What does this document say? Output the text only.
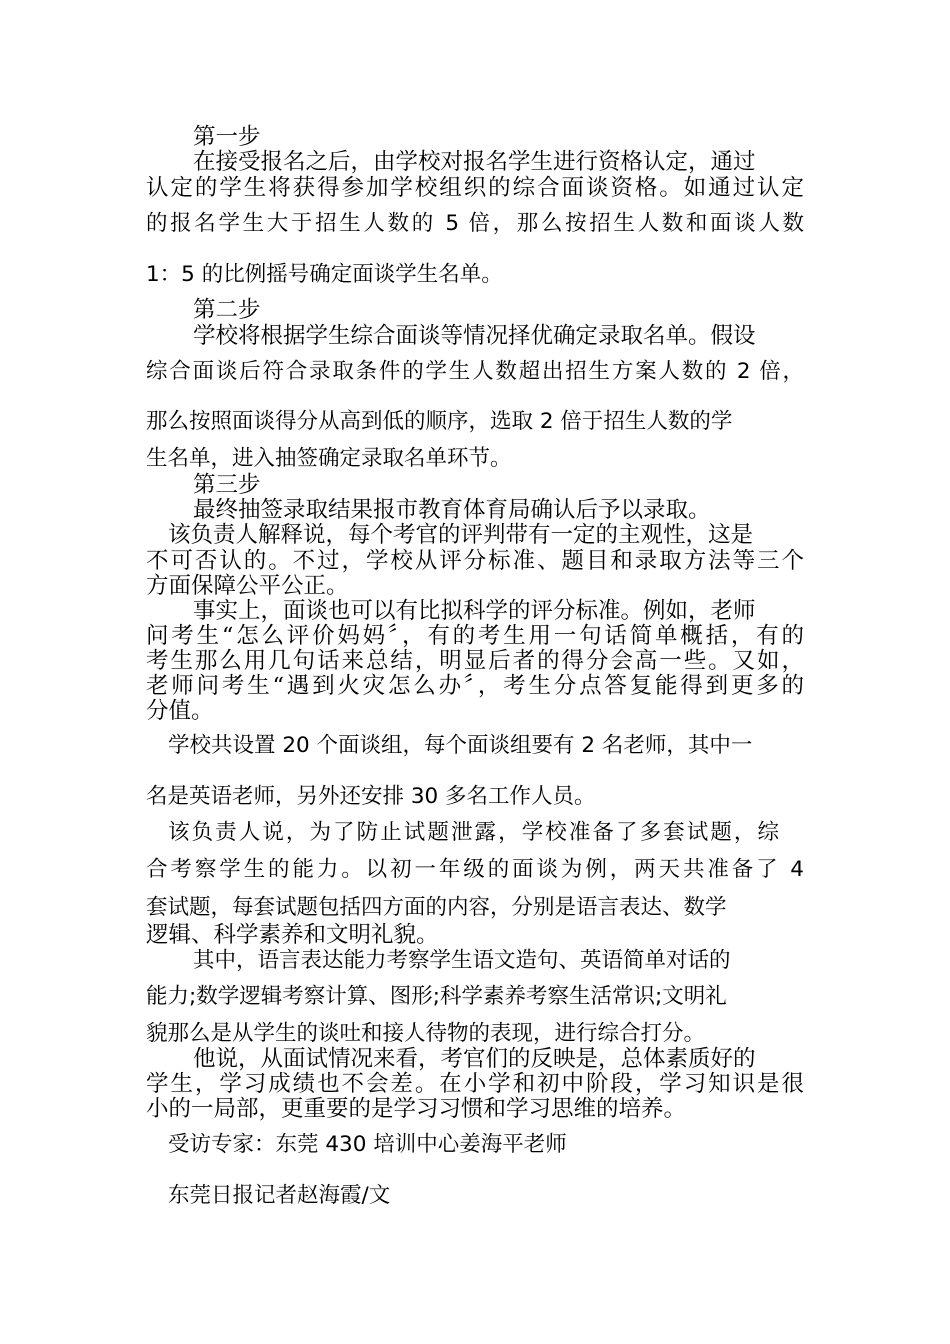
第一步
在接受报名之后，由学校对报名学生进行资格认定，通过
认定的学生将获得参加学校组织的综合面谈资格。如通过认定
的报名学生大于招生人数的 5 倍，那么按招生人数和面谈人数
1：5 的比例摇号确定面谈学生名单。
第二步
学校将根据学生综合面谈等情况择优确定录取名单。假设
综合面谈后符合录取条件的学生人数超出招生方案人数的 2 倍，
那么按照面谈得分从高到低的顺序，选取 2 倍于招生人数的学
生名单，进入抽签确定录取名单环节。
第三步
最终抽签录取结果报市教育体育局确认后予以录取。
该负责人解释说，每个考官的评判带有一定的主观性，这是
不可否认的。不过，学校从评分标准、题目和录取方法等三个
方面保障公平公正。
事实上，面谈也可以有比拟科学的评分标准。例如，老师
问考生“怎么评价妈妈〞，有的考生用一句话简单概括，有的
考生那么用几句话来总结，明显后者的得分会高一些。又如，
老师问考生“遇到火灾怎么办〞，考生分点答复能得到更多的
分值。
学校共设置 20 个面谈组，每个面谈组要有 2 名老师，其中一
名是英语老师，另外还安排 30 多名工作人员。
该负责人说，为了防止试题泄露，学校准备了多套试题，综
合考察学生的能力。以初一年级的面谈为例，两天共准备了 4
套试题，每套试题包括四方面的内容，分别是语言表达、数学
逻辑、科学素养和文明礼貌。
其中，语言表达能力考察学生语文造句、英语简单对话的
能力;数学逻辑考察计算、图形;科学素养考察生活常识;文明礼
貌那么是从学生的谈吐和接人待物的表现，进行综合打分。
他说，从面试情况来看，考官们的反映是，总体素质好的
学生，学习成绩也不会差。在小学和初中阶段，学习知识是很
小的一局部，更重要的是学习习惯和学习思维的培养。
受访专家：东莞 430 培训中心姜海平老师
东莞日报记者赵海霞/文
